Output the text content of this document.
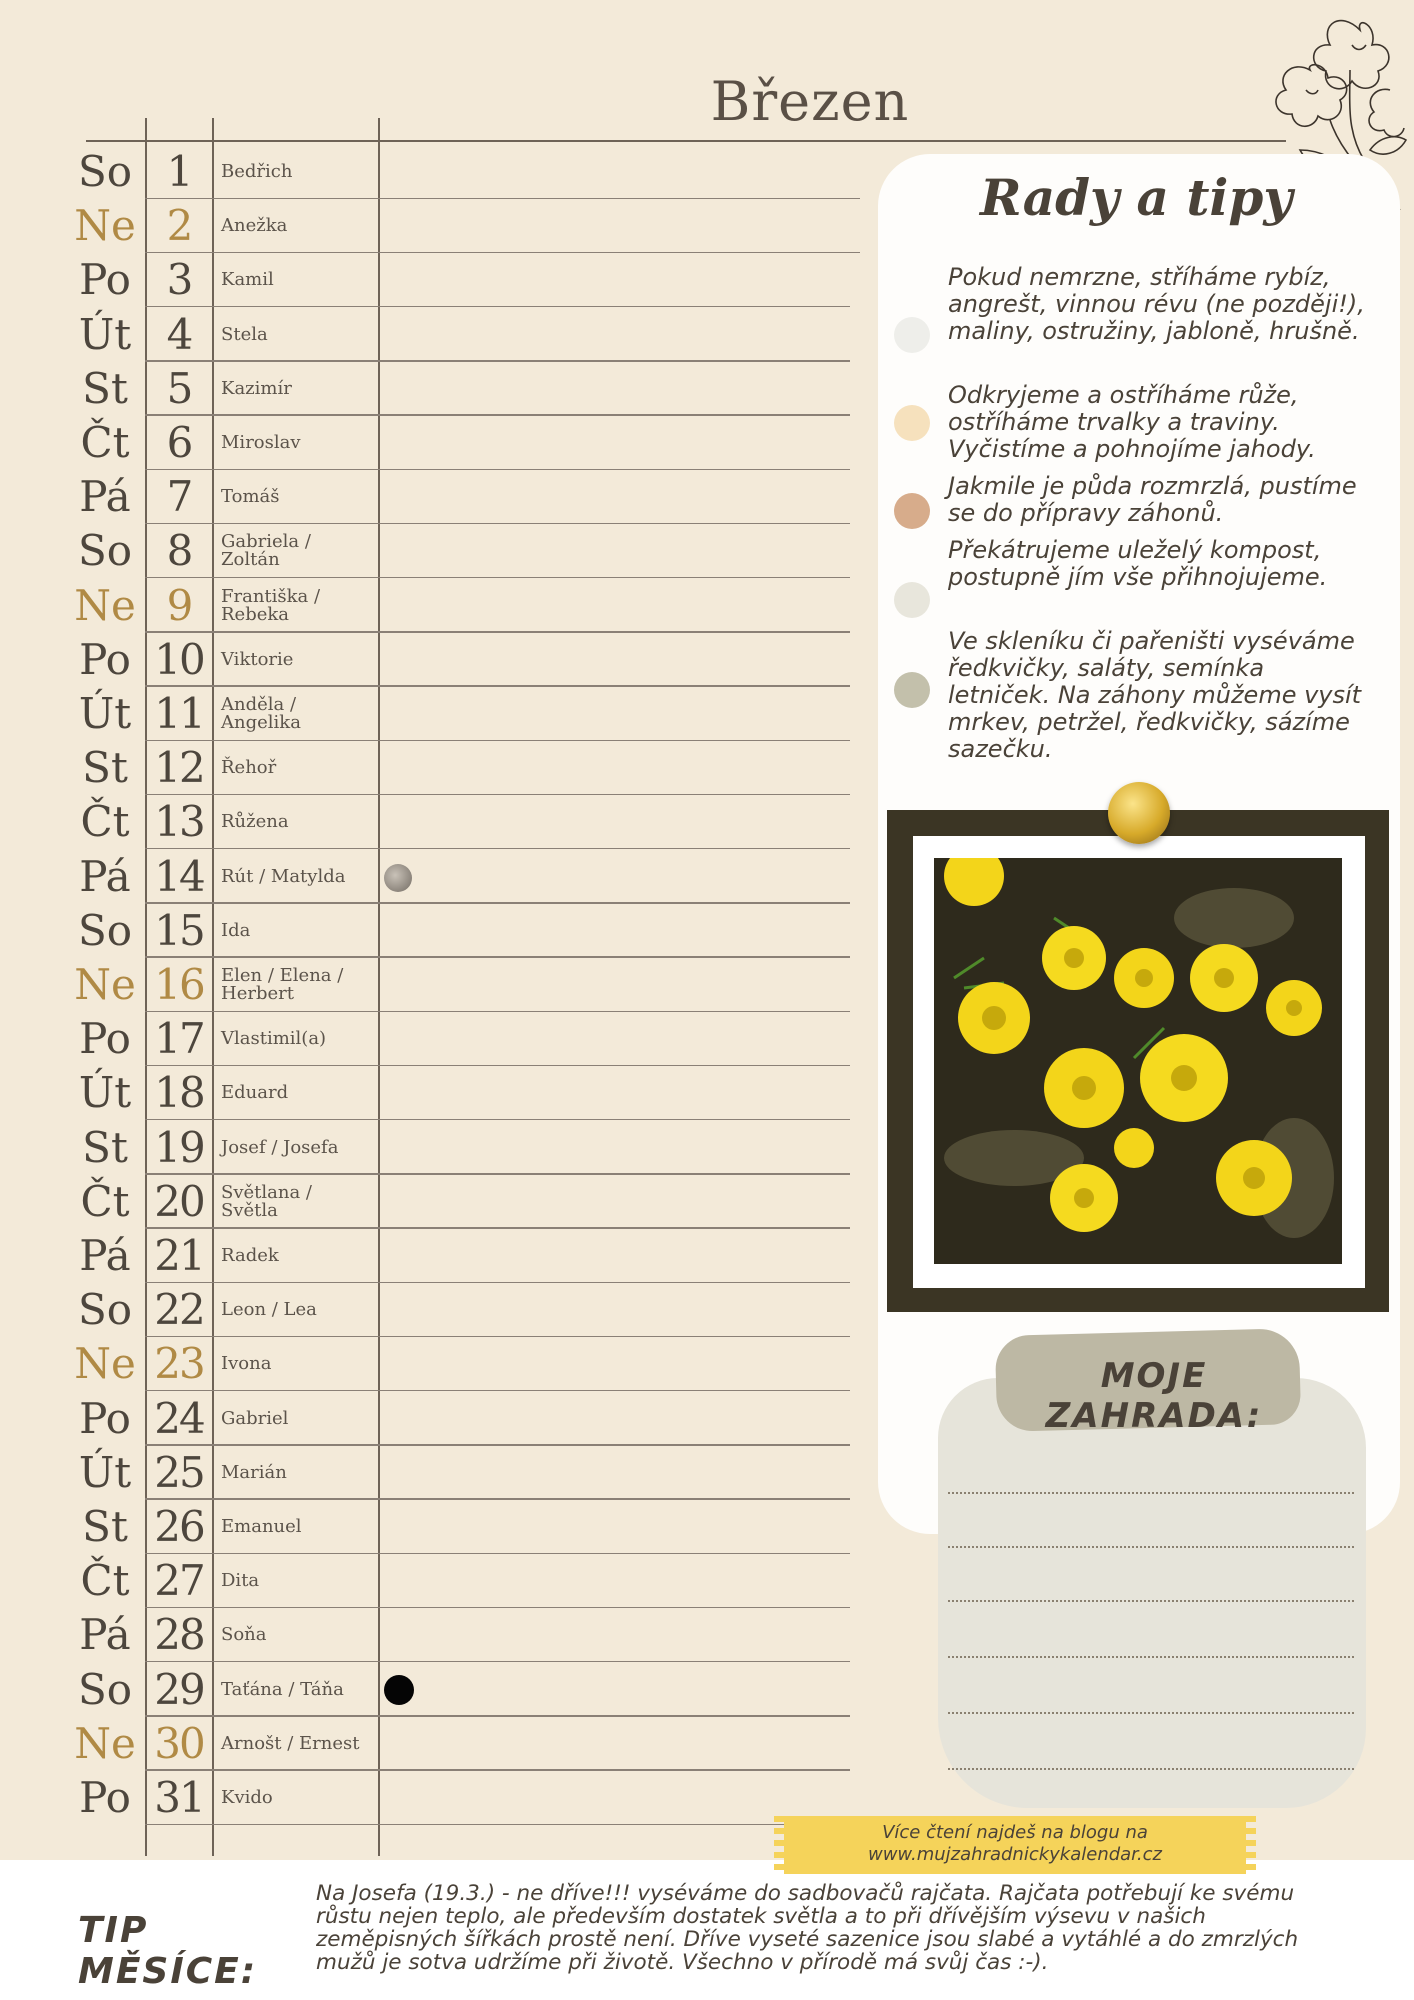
Březen
So 1	Bedřich
Ne 2	Anežka
Po 3	Kamil
Út 4	Stela
St 5	Kazimír
Čt 6	Miroslav
Pá 7	Tomáš
So 8	Gabriela / Zoltán
Ne 9	Františka / Rebeka
Po 10 Viktorie
Út 11 Anděla / Angelika
St 12 Řehoř
Čt 13 Růžena
Pá 14 Rút / Matylda
So 15 Ida
Ne 16 Elen / Elena / Herbert
Po 17 Vlastimil(a)
Út 18 Eduard
St 19 Josef / Josefa
Čt 20 Světlana / Světla
Pá 21 Radek
So 22 Leon / Lea
Ne 23 Ivona
Po 24 Gabriel
Út 25 Marián
St 26 Emanuel
Čt 27 Dita
Pá 28 Soňa
So 29 Taťána / Táňa
Ne 30 Arnošt / Ernest
Po 31 Kvido
Rady a tipy
Pokud nemrzne, stříháme rybíz, angrešt, vinnou révu (ne později!), maliny, ostružiny, jabloně, hrušně.
Odkryjeme a ostříháme růže, ostříháme trvalky a traviny. Vyčistíme a pohnojíme jahody.
Jakmile je půda rozmrzlá, pustíme se do přípravy záhonů.
Překátrujeme uleželý kompost, postupně jím vše přihnojujeme.
Ve skleníku či pařeništi vyséváme ředkvičky, saláty, semínka letniček. Na záhony můžeme vysít mrkev, petržel, ředkvičky, sázíme sazečku.
MOJE ZAHRADA:
Více čtení najdeš na blogu na
www.mujzahradnickykalendar.cz
TIP MĚSÍCE:
Na Josefa (19.3.) - ne dříve!!! vyséváme do sadbovačů rajčata. Rajčata potřebují ke svému růstu nejen teplo, ale především dostatek světla a to při dřívějším výsevu v našich zeměpisných šířkách prostě není. Dříve vyseté sazenice jsou slabé a vytáhlé a do zmrzlých mužů je sotva udržíme při životě. Všechno v přírodě má svůj čas :-).
